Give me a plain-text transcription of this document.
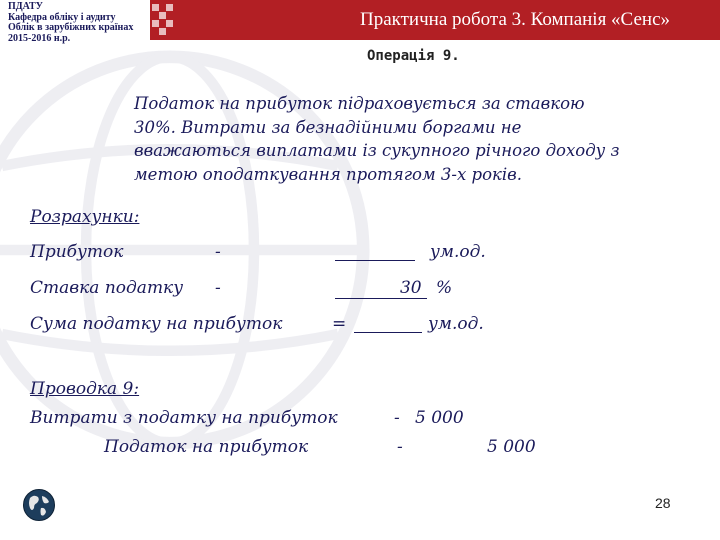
ПДАТУ
Кафедра обліку і аудиту
Облік в зарубіжних країнах
2015-2016 н.р.
Практична робота 3. Компанія «Сенс»
Операція 9.
Податок на прибуток підраховується за ставкою
30%. Витрати за безнадійними боргами не
вважаються виплатами із сукупного річного доходу з
метою оподаткування протягом 3-х років.
Розрахунки:
Прибуток	-	ум.од.
Ставка податку -	30 %
Сума податку на прибуток	=	ум.од.
Проводка 9:
Витрати з податку на прибуток	- 5 000
Податок на прибуток	-	5 000
28
